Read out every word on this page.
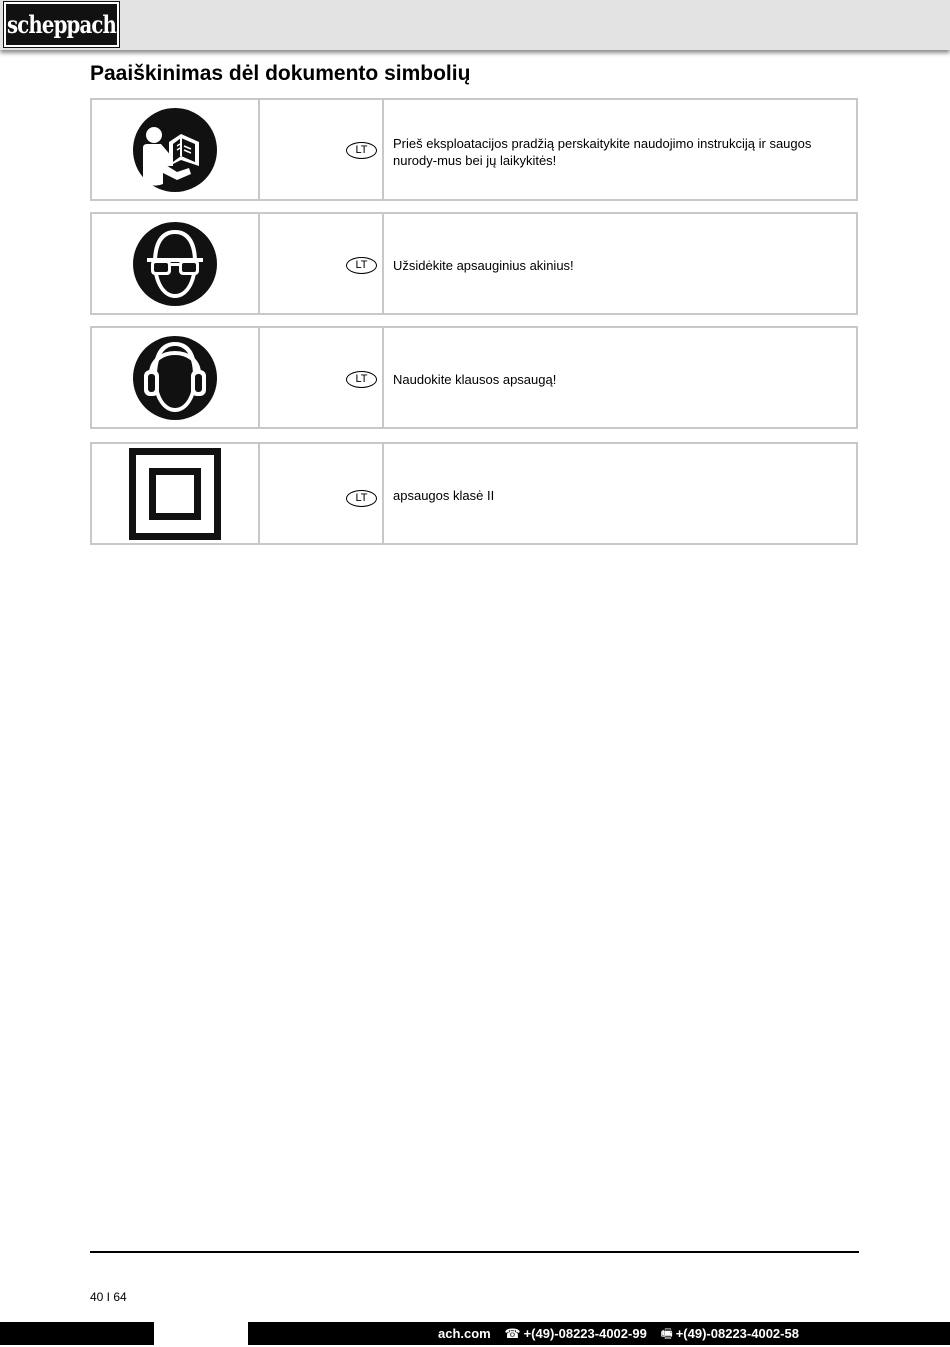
scheppach
Paaiškinimas dėl dokumento simbolių
LT	Prieš eksploatacijos pradžią perskaitykite naudojimo instrukciją ir saugos nurody-mus bei jų laikykitės!
LT	Užsidėkite apsauginius akinius!
LT	Naudokite klausos apsaugą!
LT	apsaugos klasė II
40 I 64
ach.com ☎ +(49)-08223-4002-99 🖷 +(49)-08223-4002-58
